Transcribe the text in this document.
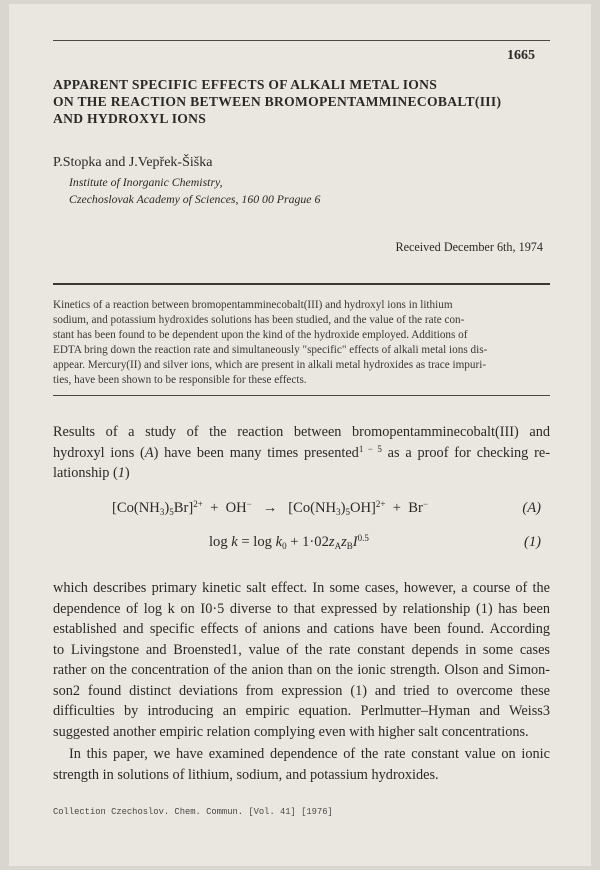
1665
APPARENT SPECIFIC EFFECTS OF ALKALI METAL IONS
ON THE REACTION BETWEEN BROMOPENTAMMINECOBALT(III)
AND HYDROXYL IONS
P.Stopka and J.Vepřek-Šiška
Institute of Inorganic Chemistry,
Czechoslovak Academy of Sciences, 160 00 Prague 6
Received December 6th, 1974
Kinetics of a reaction between bromopentamminecobalt(III) and hydroxyl ions in lithium
sodium, and potassium hydroxides solutions has been studied, and the value of the rate con-
stant has been found to be dependent upon the kind of the hydroxide employed. Additions of
EDTA bring down the reaction rate and simultaneously "specific" effects of alkali metal ions dis-
appear. Mercury(II) and silver ions, which are present in alkali metal hydroxides as trace impuri-
ties, have been shown to be responsible for these effects.
Results of a study of the reaction between bromopentamminecobalt(III) and
hydroxyl ions (A) have been many times presented$^{1 - 5}$ as a proof for checking re-
lationship (1)
$[Co(NH_3)_5Br]^{2+} + OH^- \to [Co(NH_3)_5OH]^{2+} + Br^-$	(A)
$\log k = \log k_0 + 1\cdot 02z_Az_BI^{0.5}$	(1)
which describes primary kinetic salt effect. In some cases, however, a course of the
dependence of log k on I0·5 diverse to that expressed by relationship (1) has been
established and specific effects of anions and cations have been found. According
to Livingstone and Broensted1, value of the rate constant depends in some cases
rather on the concentration of the anion than on the ionic strength. Olson and Simon-
son2 found distinct deviations from expression (1) and tried to overcome these
difficulties by introducing an empiric equation. Perlmutter–Hyman and Weiss3
suggested another empiric relation complying even with higher salt concentrations.
In this paper, we have examined dependence of the rate constant value on ionic
strength in solutions of lithium, sodium, and potassium hydroxides.
Collection Czechoslov. Chem. Commun. [Vol. 41] [1976]
